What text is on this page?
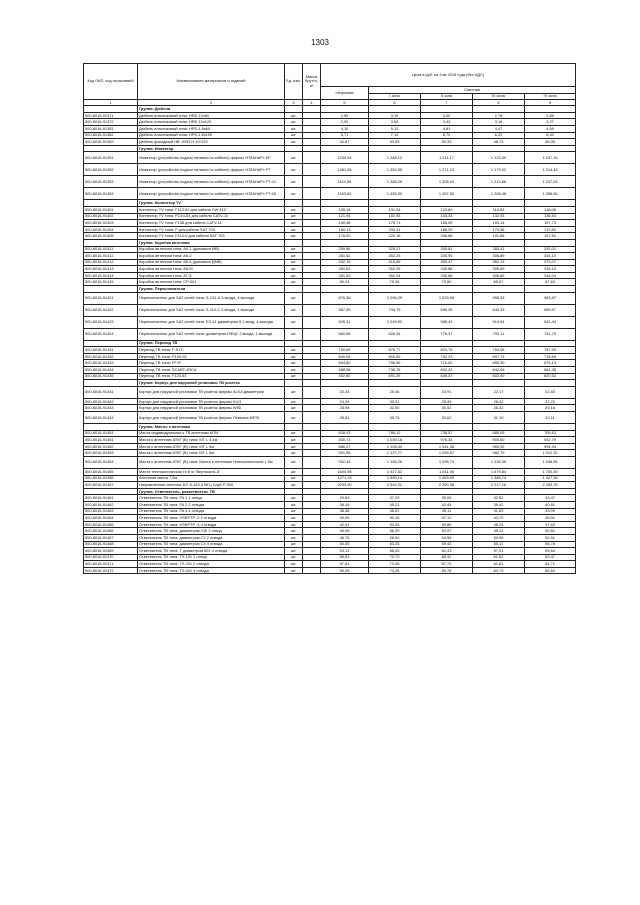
1303
Код ОКП, код отраслевой	Наименование материалов и изделий	Ед. изм.	Масса брутто, кг	Цена в руб. на 3 кв 2015 года (без НДС)				
				отпускная	Сметная			
					I зона	II зона	III зона	IV зона
1	2	3	4	5	6	7	8	9
	Группа: Дюбели							
500-8016-91371	Дюбель пластиковый типа: HRD 10x80	шт.		2,55	3,19	3,00	2,78	2,86
500-8016-91372	Дюбель пластиковый типа: HRD 10x120	шт.		2,92	3,65	3,43	3,18	3,27
500-8016-91381	Дюбель пластиковый типа: HPS-1 8x60	шт.		4,10	5,12	4,81	4,47	4,59
500-8016-91382	Дюбель пластиковый типа: HPS-1 8x100	шт.		5,71	7,14	6,70	6,22	6,40
500-8016-91383	Дюбель фасадный НВ: HDR-H 10*120	шт.		42,87	53,59	50,33	46,73	48,05
	Группа: Инжектор							
500-8016-91391	Инжектор (устройство подачи питания по кабелю) фирмы «ПЛАНАР» EF	шт.		1030,54	1 288,12	1 211,17	1 123,40	1 157,15
500-8016-91392	Инжектор (устройство подачи питания по кабелю) фирмы «ПЛАНАР» FT	шт.		1081,56	1 352,95	1 271,13	1 179,02	1 214,43
500-8016-91393	Инжектор (устройство подачи питания по кабелю) фирмы «ПЛАНАР» FT-01	шт.		1110,58	1 388,25	1 305,24	1 210,66	1 247,03
500-8016-91394	Инжектор (устройство подачи питания по кабелю) фирмы «ПЛАНАР» FT-03	шт.		1163,60	1 455,50	1 367,55	1 268,48	1 306,56
	Группа: Коннектор TV							
500-8016-91401	Коннектор TV типа: F113-51 для кабеля CW 41C	шт.		105,16	131,54	123,60	114,63	118,08
500-8016-91402	Коннектор TV типа: FC44-54 для кабеля CATV-11	шт.		121,94	152,55	143,33	132,93	136,93
500-8016-91403	Коннектор TV типа: F138 для кабеля CATV-11	шт.		140,48	175,71	165,09	153,14	157,73
500-8016-91404	Коннектор TV типа: F для кабеля SAT 703	шт.		160,13	200,31	188,20	174,56	179,82
500-8016-91405	Коннектор TV типа: F113-5 для кабеля SAT 703	шт.		176,00	220,16	206,86	191,86	197,62
	Группа: Коробка антенная							
500-8016-91411	Коробка антенная типа: АК-1 (диапазон МВ)	шт.		259,86	325,21	305,61	283,41	292,01
500-8016-91412	Коробка антенная типа: АК-2	шт.		281,52	352,25	330,90	306,89	316,10
500-8016-91412	Коробка антенная типа: АК-5 (диапазон ДМВ)	шт.		332,19	415,65	390,47	362,13	373,07
500-8016-91413	Коробка антенная типа: АК-М	шт.		281,52	352,25	330,88	306,89	316,10
500-8016-91414	Коробка антенная типа: АТ-5	шт.		281,52	352,04	330,88	306,89	316,04
500-8016-91415	Коробка антенная типа: СР-001	шт.		60,24	75,36	70,80	65,67	67,63
	Группа: Переключатели							
500-8016-91421	Переключатель для SAT сетей типа: S-131-А 3-входа, 4-выхода	шт.		876,36	1 096,29	1 029,98	955,33	983,97
500-8016-91422	Переключатель для SAT сетей типа: S-110-С 2-входа, 1-выхода	шт.		587,39	734,79	690,35	640,33	659,57
500-8016-91423	Переключатель для SAT сетей типа: ES-41 диаметром 5 1-вход, 4-выхода	шт.		839,31	1 049,90	986,42	914,94	942,44
500-8016-91424	Переключатель для SAT сетей типа: диаметром ISEqC 2-входа, 1-выхода	шт.		660,58	826,34	776,37	720,11	741,75
	Группа: Переход TB							
500-8016-91431	Переход TB типа: F-SYC	шт.		700,89	876,77	823,75	764,06	787,00
500-8016-91432	Переход TB типа: P109-52	шт.		640,05	800,65	752,23	697,73	718,69
500-8016-91433	Переход TB типа: FF-R	шт.		604,80	756,56	710,82	659,30	679,13
500-8016-91434	Переход TB типа: SCART-4RCA	шт.		588,98	736,76	692,22	642,06	661,35
500-8016-91435	Переход TB типа: F123-53	шт.		552,60	691,26	649,47	602,40	620,52
	Группа: Корпус для наружной установки ТВ розеток							
500-8016-91441	Корпус для наружной установки ТВ розеток фирмы ALKA диаметром	шт.		20,34	25,46	23,91	22,17	22,83
500-8016-91442	Корпус для наружной установки ТВ розеток фирмы KUG	шт.		24,24	30,31	28,49	26,42	27,22
500-8016-91443	Корпус для наружной установки ТВ розеток фирмы WISI	шт.		25,98	32,50	30,52	28,32	29,16
500-8016-91444	Корпус для наружной установки ТВ розеток фирмы Пемекса БФТК	шт.		28,61	35,78	33,62	31,19	32,11
	Группа: Мачты к антеннам							
500-8016-91451	Мачта индивидуальная к ТВ антеннам МТИ	шт.		628,43	786,12	738,57	685,05	705,63
500-8016-91451	Мачта к антеннам АТКГ (В) типа: МТ L 4,4м	шт.		830,73	1 039,18	976,34	905,60	932,79
500-8016-91452	Мачта к антеннам АТКГ (В) типа: МТ L 5м	шт.		886,07	1 108,43	1 041,38	965,92	994,94
500-8016-91453	Мачта к антеннам АТКГ (В) типа: МТ L 6м	шт.		901,55	1 127,77	1 059,57	982,79	1 012,32
500-8016-91454	Мачта к антеннам АТКГ (В) типа: Мачта к антеннам телескопическая L 5м	шт.		932,33	1 166,26	1 095,74	1 016,35	1 046,88
500-8016-91455	Мачта телескопическая Н=5 м "Вертикаль-5"	шт.		1540,98	1 927,62	1 811,06	1 679,84	1 730,30
500-8016-91456	Антенная мачта 7,5м	шт.		1271,19	1 590,14	1 493,99	1 385,74	1 427,36
500-8016-91457	Направленная антенна 307,5-343,5 МГц 12дБ Р 500	шт.		2033,90	2 544,22	2 390,38	2 217,16	2 283,76
	Группа: Ответвитель, разветвитель ТВ							
500-8016-91461	Ответвитель ТВ типа: FA 1 1 отвод	шт.		29,83	37,29	35,05	32,52	33,47
500-8016-91462	Ответвитель ТВ типа: FA 2 2 отвода	шт.		36,18	45,21	42,49	39,42	40,51
500-8016-91463	Ответвитель ТВ типа: FA 4 4 отвода	шт.		38,38	48,02	45,11	41,83	43,09
500-8016-91464	Ответвитель ТВ типа: VSRPTP -2 2 отвода	шт.		40,09	50,16	47,12	43,70	45,01
500-8016-91465	Ответвитель ТВ типа: VSRPTP -4 4 отвода	шт.		42,41	53,05	49,85	46,23	47,63
500-8016-91466	Ответвитель ТВ типа: диаметром CW 1 отвод	шт.		45,06	56,39	52,97	49,12	50,61
500-8016-91467	Ответвитель ТВ типа: диаметром С2 2 отвода	шт.		46,75	58,50	54,96	50,96	52,51
500-8016-91468	Ответвитель ТВ типа: диаметром С4 4 отвода	шт.		50,55	63,25	59,42	55,11	56,78
500-8016-91469	Ответвитель ТВ типа: Т диаметром 601 4 отвода	шт.		53,13	66,45	62,43	57,91	59,64
500-8016-91470	Ответвитель ТВ типа: TS 101 1 отвод	шт.		56,53	70,70	66,42	61,62	63,47
500-8016-91471	Ответвитель ТВ типа: TS 201 2 отвода	шт.		57,61	72,06	67,72	62,81	64,71
500-8016-91472	Ответвитель ТВ типа: TS 401 4 отвода	шт.		59,35	74,26	69,76	64,70	66,64
